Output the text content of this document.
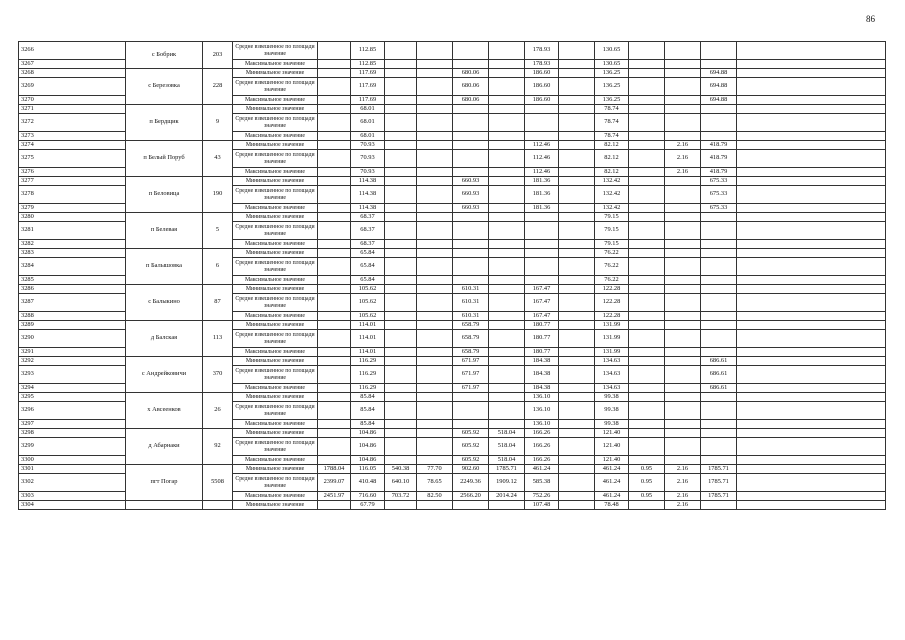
86
3266	с Бобрик	203	Средне взвешенное по площади значение		112.85					178.93		130.65				
3267			Максимальное значение		112.85					178.93		130.65				
3268	с Березовка	228	Минимальное значение		117.69			680.06		186.60		136.25			694.88	
3269			Средне взвешенное по площади значение		117.69			680.06		186.60		136.25			694.88	
3270			Максимальное значение		117.69			680.06		186.60		136.25			694.88	
3271	п Бердщик	9	Минимальное значение		68.01							78.74				
3272			Средне взвешенное по площади значение		68.01							78.74				
3273			Максимальное значение		68.01							78.74				
3274	п Белый Поруб	43	Минимальное значение		70.93					112.46		82.12		2.16	418.79	
3275			Средне взвешенное по площади значение		70.93					112.46		82.12		2.16	418.79	
3276			Максимальное значение		70.93					112.46		82.12		2.16	418.79	
3277	п Беловица	190	Минимальное значение		114.38			660.93		181.36		132.42			675.33	
3278			Средне взвешенное по площади значение		114.38			660.93		181.36		132.42			675.33	
3279			Максимальное значение		114.38			660.93		181.36		132.42			675.33	
3280	п Белевая	5	Минимальное значение		68.37							79.15				
3281			Средне взвешенное по площади значение		68.37							79.15				
3282			Максимальное значение		68.37							79.15				
3283	п Балышовка	6	Минимальное значение		65.84							76.22				
3284			Средне взвешенное по площади значение		65.84							76.22				
3285			Максимальное значение		65.84							76.22				
3286	с Балыкино	87	Минимальное значение		105.62			610.31		167.47		122.28				
3287			Средне взвешенное по площади значение		105.62			610.31		167.47		122.28				
3288			Максимальное значение		105.62			610.31		167.47		122.28				
3289	д Балская	113	Минимальное значение		114.01			658.79		180.77		131.99				
3290			Средне взвешенное по площади значение		114.01			658.79		180.77		131.99				
3291			Максимальное значение		114.01			658.79		180.77		131.99				
3292	с Андрейковичи	370	Минимальное значение		116.29			671.97		184.38		134.63			686.61	
3293			Средне взвешенное по площади значение		116.29			671.97		184.38		134.63			686.61	
3294			Максимальное значение		116.29			671.97		184.38		134.63			686.61	
3295	х Авсеенков	26	Минимальное значение		85.84					136.10		99.38				
3296			Средне взвешенное по площади значение		85.84					136.10		99.38				
3297			Максимальное значение		85.84					136.10		99.38				
3298	д Абарнаки	92	Минимальное значение		104.86			605.92	518.04	166.26		121.40				
3299			Средне взвешенное по площади значение		104.86			605.92	518.04	166.26		121.40				
3300			Максимальное значение		104.86			605.92	518.04	166.26		121.40				
3301	пгт Погар	5508	Минимальное значение	1788.04	116.05	540.38	77.70	902.60	1785.71	461.24		461.24	0.95	2.16	1785.71	
3302			Средне взвешенное по площади значение	2399.07	410.48	640.10	78.65	2249.36	1909.12	585.38		461.24	0.95	2.16	1785.71	
3303			Максимальное значение	2451.97	716.60	703.72	82.50	2566.20	2014.24	752.26		461.24	0.95	2.16	1785.71	
3304			Минимальное значение		67.79					107.48		78.48		2.16		
